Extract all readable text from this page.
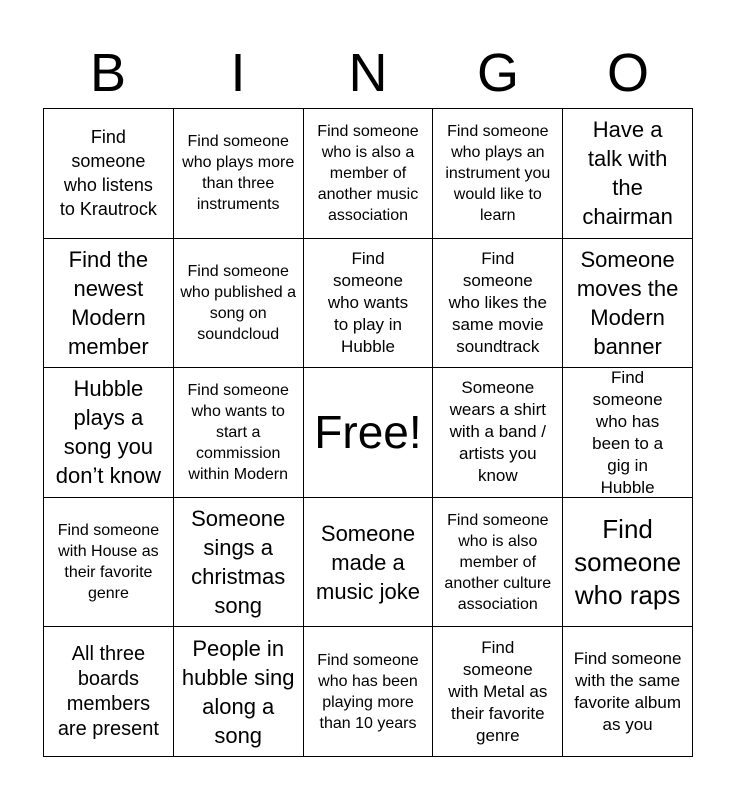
B	I	N	G	O
Find someone who listens to Krautrock
Find someone who plays more than three instruments
Find someone who is also a member of another music association
Find someone who plays an instrument you would like to learn
Have a talk with the chairman
Find the newest Modern member
Find someone who published a song on soundcloud
Find someone who wants to play in Hubble
Find someone who likes the same movie soundtrack
Someone moves the Modern banner
Hubble plays a song you don’t know
Find someone who wants to start a commission within Modern
Free!
Someone wears a shirt with a band / artists you know
Find someone who has been to a gig in Hubble
Find someone with House as their favorite genre
Someone sings a christmas song
Someone made a music joke
Find someone who is also member of another culture association
Find someone who raps
All three boards members are present
People in hubble sing along a song
Find someone who has been playing more than 10 years
Find someone with Metal as their favorite genre
Find someone with the same favorite album as you
